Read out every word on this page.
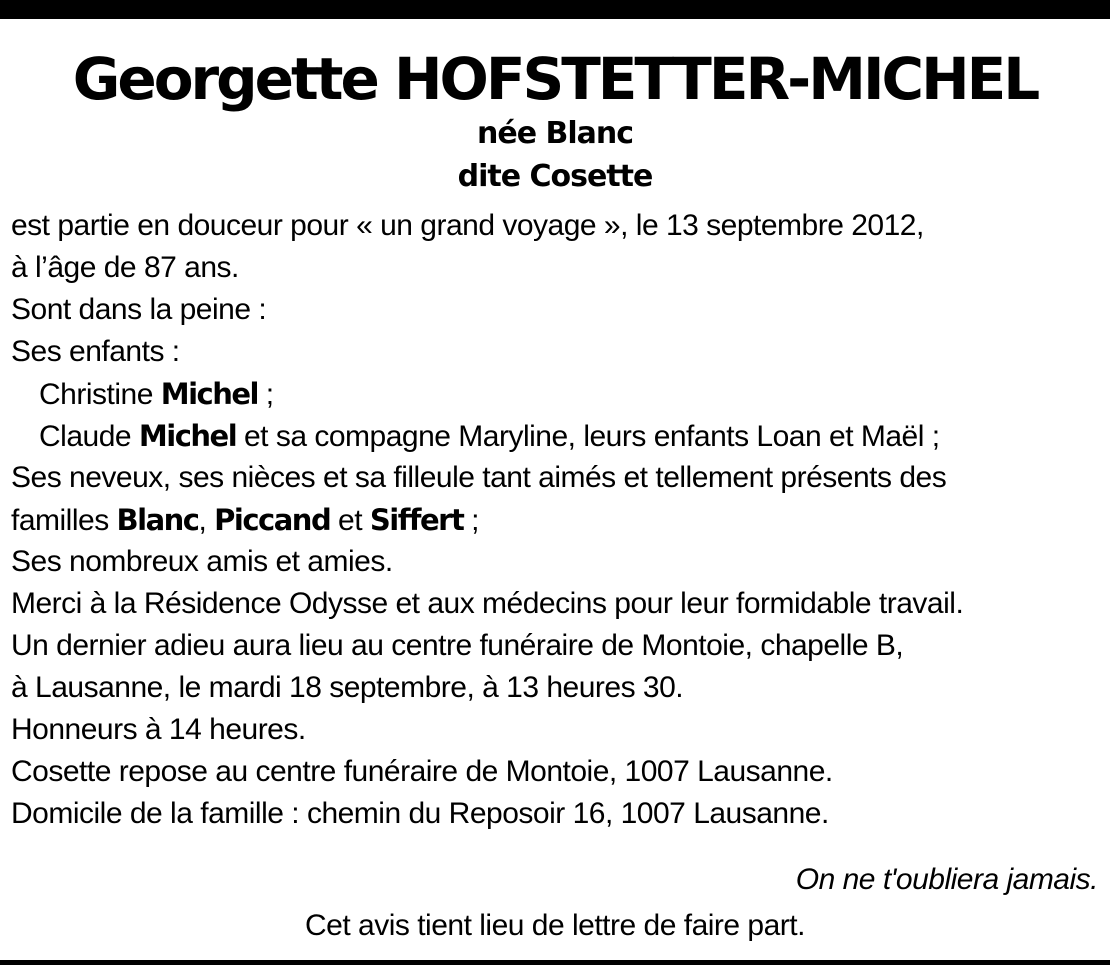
Georgette HOFSTETTER-MICHEL
née Blanc
dite Cosette
est partie en douceur pour « un grand voyage », le 13 septembre 2012,
à l’âge de 87 ans.
Sont dans la peine :
Ses enfants :
Christine Michel ;
Claude Michel et sa compagne Maryline, leurs enfants Loan et Maël ;
Ses neveux, ses nièces et sa filleule tant aimés et tellement présents des
familles Blanc, Piccand et Siffert ;
Ses nombreux amis et amies.
Merci à la Résidence Odysse et aux médecins pour leur formidable travail.
Un dernier adieu aura lieu au centre funéraire de Montoie, chapelle B,
à Lausanne, le mardi 18 septembre, à 13 heures 30.
Honneurs à 14 heures.
Cosette repose au centre funéraire de Montoie, 1007 Lausanne.
Domicile de la famille : chemin du Reposoir 16, 1007 Lausanne.
On ne t'oubliera jamais.
Cet avis tient lieu de lettre de faire part.
